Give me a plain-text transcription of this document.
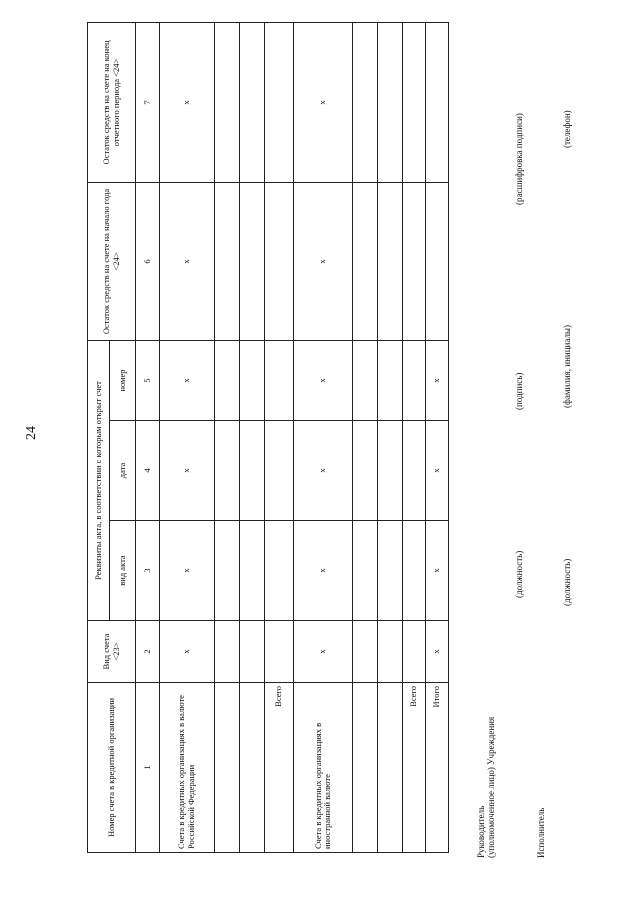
24
Номер счета в кредитной организации	Вид счета <23>	Реквизиты акта, в соответствии с которым открыт счет			Остаток средств на счете на начало года <24>	Остаток средств на счете на конец отчетного периода <24>
		вид акта	дата	номер		
1	2	3	4	5	6	7
Счета в кредитных организациях в валюте Российской Федерации	x	x	x	x	x	x

Всего						
Счета в кредитных организациях в иностранной валюте	x	x	x	x	x	x

Всего						
Итого	x	x	x	x		
Руководитель (уполномоченное лицо) Учреждения
(должность)
(подпись)
(расшифровка подписи)
Исполнитель
(должность)
(фамилия, инициалы)
(телефон)
